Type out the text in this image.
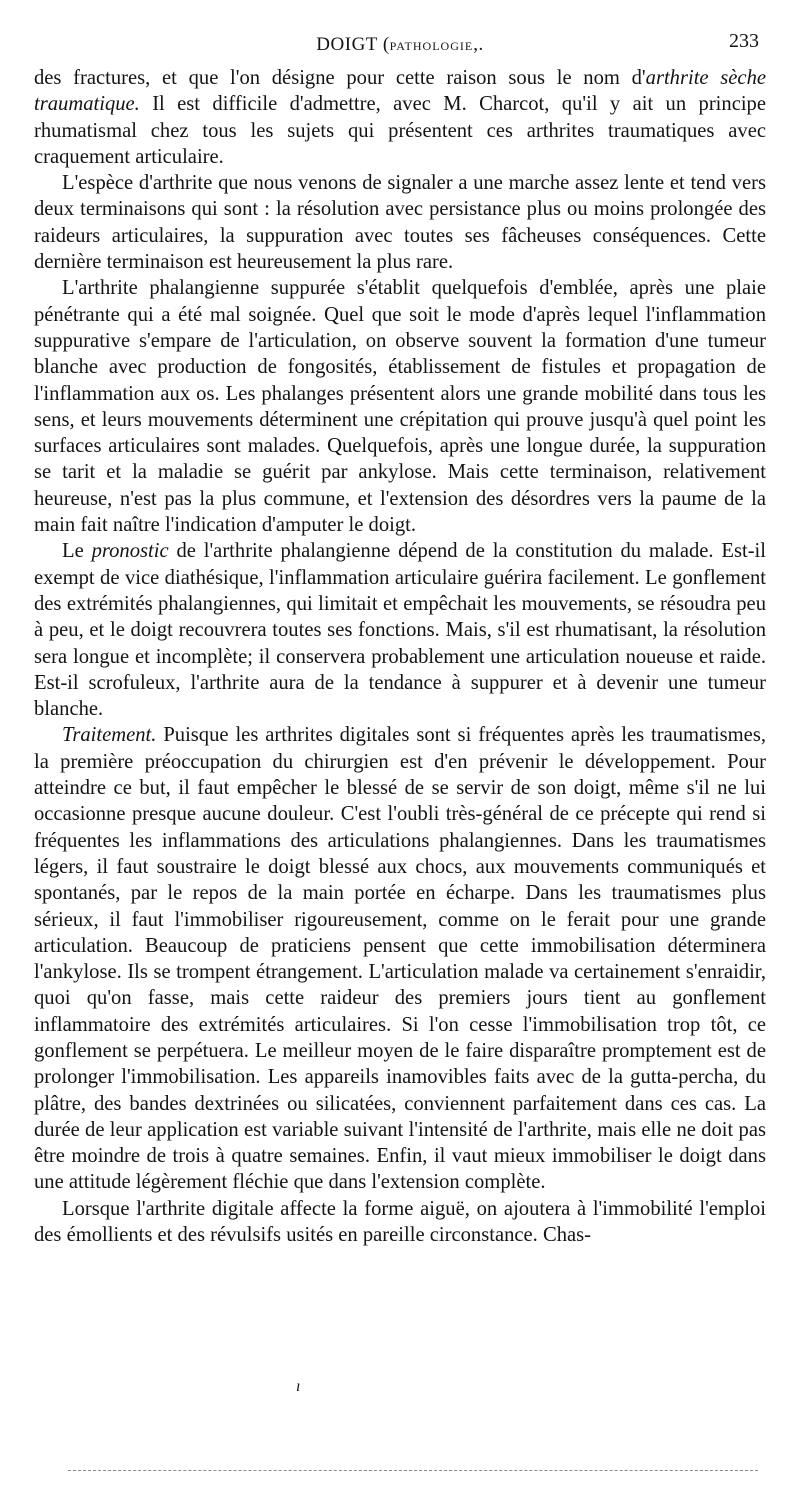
DOIGT (PATHOLOGIE,.	233

des fractures, et que l'on désigne pour cette raison sous le nom d'arthrite sèche traumatique. Il est difficile d'admettre, avec M. Charcot, qu'il y ait un principe rhumatismal chez tous les sujets qui présentent ces arthrites traumatiques avec craquement articulaire.

L'espèce d'arthrite que nous venons de signaler a une marche assez lente et tend vers deux terminaisons qui sont : la résolution avec persistance plus ou moins prolongée des raideurs articulaires, la suppuration avec toutes ses fâcheuses conséquences. Cette dernière terminaison est heureusement la plus rare.

L'arthrite phalangienne suppurée s'établit quelquefois d'emblée, après une plaie pénétrante qui a été mal soignée. Quel que soit le mode d'après lequel l'inflammation suppurative s'empare de l'articulation, on observe souvent la formation d'une tumeur blanche avec production de fongosités, établissement de fistules et propagation de l'inflammation aux os. Les phalanges présentent alors une grande mobilité dans tous les sens, et leurs mouvements déterminent une crépitation qui prouve jusqu'à quel point les surfaces articulaires sont malades. Quelquefois, après une longue durée, la suppuration se tarit et la maladie se guérit par ankylose. Mais cette terminaison, relativement heureuse, n'est pas la plus commune, et l'extension des désordres vers la paume de la main fait naître l'indication d'amputer le doigt.

Le pronostic de l'arthrite phalangienne dépend de la constitution du malade. Est-il exempt de vice diathésique, l'inflammation articulaire guérira facilement. Le gonflement des extrémités phalangiennes, qui limitait et empêchait les mouvements, se résoudra peu à peu, et le doigt recouvrera toutes ses fonctions. Mais, s'il est rhumatisant, la résolution sera longue et incomplète; il conservera probablement une articulation noueuse et raide. Est-il scrofuleux, l'arthrite aura de la tendance à suppurer et à devenir une tumeur blanche.

Traitement. Puisque les arthrites digitales sont si fréquentes après les traumatismes, la première préoccupation du chirurgien est d'en prévenir le développement. Pour atteindre ce but, il faut empêcher le blessé de se servir de son doigt, même s'il ne lui occasionne presque aucune douleur. C'est l'oubli très-général de ce précepte qui rend si fréquentes les inflammations des articulations phalangiennes. Dans les traumatismes légers, il faut soustraire le doigt blessé aux chocs, aux mouvements communiqués et spontanés, par le repos de la main portée en écharpe. Dans les traumatismes plus sérieux, il faut l'immobiliser rigoureusement, comme on le ferait pour une grande articulation. Beaucoup de praticiens pensent que cette immobilisation déterminera l'ankylose. Ils se trompent étrangement. L'articulation malade va certainement s'enraidir, quoi qu'on fasse, mais cette raideur des premiers jours tient au gonflement inflammatoire des extrémités articulaires. Si l'on cesse l'immobilisation trop tôt, ce gonflement se perpétuera. Le meilleur moyen de le faire disparaître promptement est de prolonger l'immobilisation. Les appareils inamovibles faits avec de la gutta-percha, du plâtre, des bandes dextrinées ou silicatées, conviennent parfaitement dans ces cas. La durée de leur application est variable suivant l'intensité de l'arthrite, mais elle ne doit pas être moindre de trois à quatre semaines. Enfin, il vaut mieux immobiliser le doigt dans une attitude légèrement fléchie que dans l'extension complète.

Lorsque l'arthrite digitale affecte la forme aiguë, on ajoutera à l'immobilité l'emploi des émollients et des révulsifs usités en pareille circonstance. Chas-

ı
